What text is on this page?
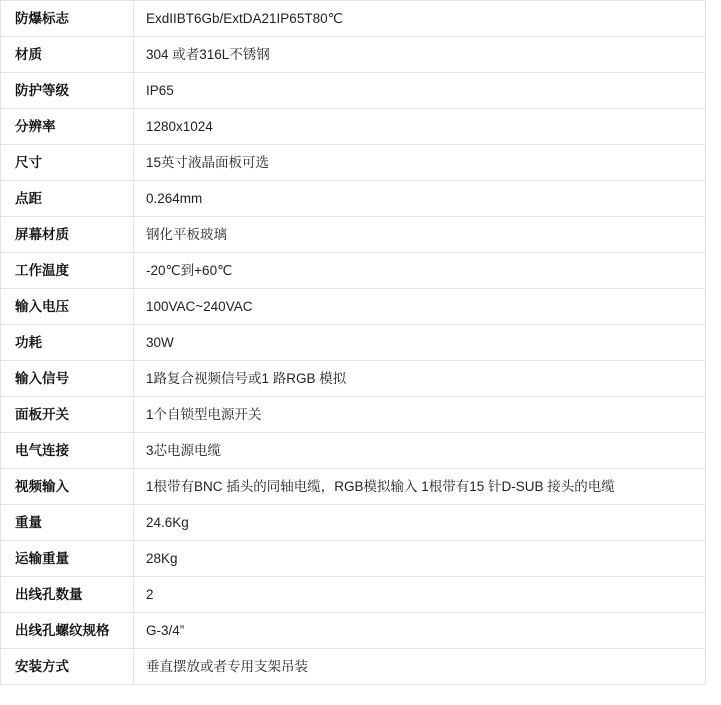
防爆标志	ExdIIBT6Gb/ExtDA21IP65T80℃
材质	304 或者316L不锈钢
防护等级	IP65
分辨率	1280x1024
尺寸	15英寸液晶面板可选
点距	0.264mm
屏幕材质	钢化平板玻璃
工作温度	-20℃到+60℃
输入电压	100VAC~240VAC
功耗	30W
输入信号	1路复合视频信号或1 路RGB 模拟
面板开关	1个自锁型电源开关
电气连接	3芯电源电缆
视频输入	1根带有BNC 插头的同轴电缆，RGB模拟输入 1根带有15 针D-SUB 接头的电缆
重量	24.6Kg
运输重量	28Kg
出线孔数量	2
出线孔螺纹规格	G-3/4”
安装方式	垂直摆放或者专用支架吊装
